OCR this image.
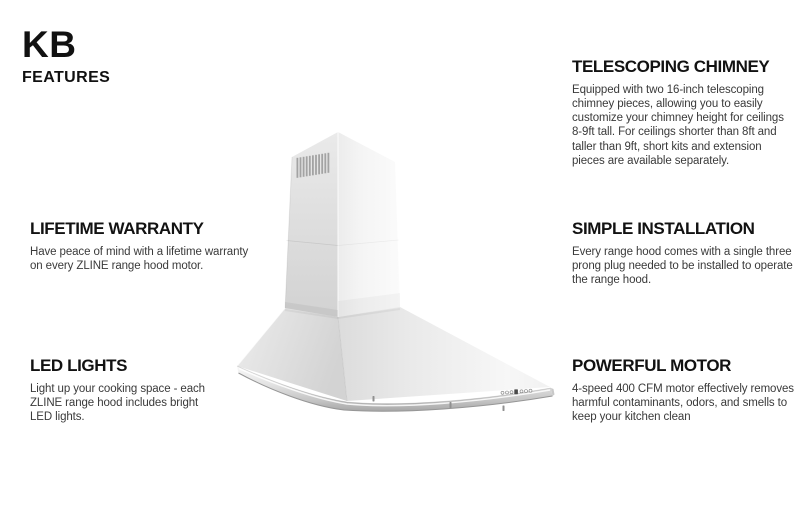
KB
FEATURES
TELESCOPING CHIMNEY

Equipped with two 16-inch telescoping chimney pieces, allowing you to easily customize your chimney height for ceilings 8-9ft tall. For ceilings shorter than 8ft and taller than 9ft, short kits and extension pieces are available separately.

LIFETIME WARRANTY

Have peace of mind with a lifetime warranty on every ZLINE range hood motor.

SIMPLE INSTALLATION

Every range hood comes with a single three prong plug needed to be installed to operate the range hood.

LED LIGHTS

Light up your cooking space - each ZLINE range hood includes bright LED lights.

POWERFUL MOTOR

4-speed 400 CFM motor effectively removes harmful contaminants, odors, and smells to keep your kitchen clean
